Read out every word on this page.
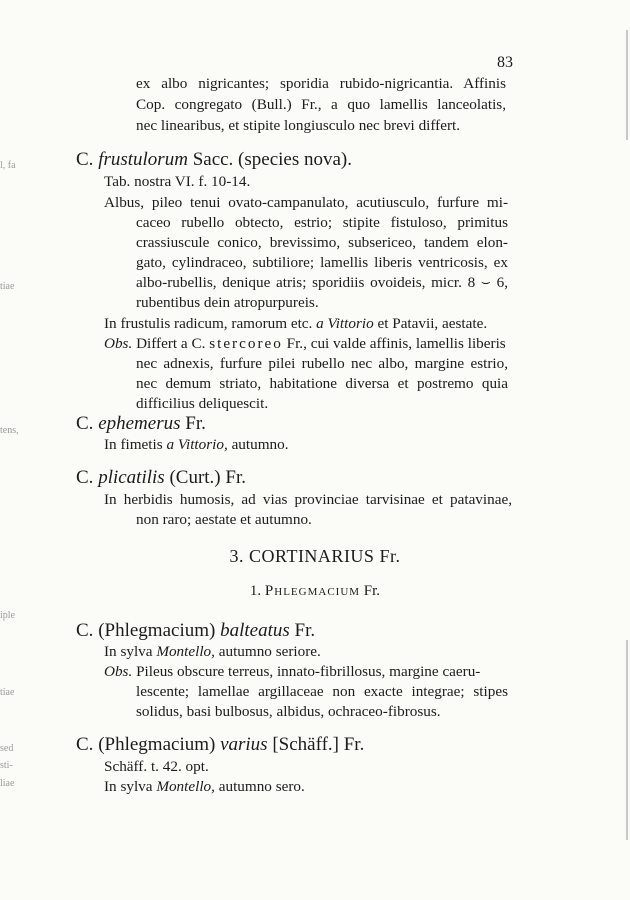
83
l, fa
tiae
tens,
iple
tiae
sed
sti-
liae
ex albo nigricantes; sporidia rubido-nigricantia. Affinis
Cop. congregato (Bull.) Fr., a quo lamellis lanceolatis,
nec linearibus, et stipite longiusculo nec brevi differt.
C. frustulorum Sacc. (species nova).
Tab. nostra VI. f. 10-14.
Albus, pileo tenui ovato-campanulato, acutiusculo, furfure mi-
caceo rubello obtecto, estrio; stipite fistuloso, primitus
crassiuscule conico, brevissimo, subsericeo, tandem elon-
gato, cylindraceo, subtiliore; lamellis liberis ventricosis, ex
albo-rubellis, denique atris; sporidiis ovoideis, micr. 8 ⌣ 6,
rubentibus dein atropurpureis.
In frustulis radicum, ramorum etc. a Vittorio et Patavii, aestate.
Obs. Differt a C. stercoreo Fr., cui valde affinis, lamellis liberis
nec adnexis, furfure pilei rubello nec albo, margine estrio,
nec demum striato, habitatione diversa et postremo quia
difficilius deliquescit.
C. ephemerus Fr.
In fimetis a Vittorio, autumno.
C. plicatilis (Curt.) Fr.
In herbidis humosis, ad vias provinciae tarvisinae et patavinae,
non raro; aestate et autumno.
3. CORTINARIUS Fr.
1. Phlegmacium Fr.
C. (Phlegmacium) balteatus Fr.
In sylva Montello, autumno seriore.
Obs. Pileus obscure terreus, innato-fibrillosus, margine caeru-
lescente; lamellae argillaceae non exacte integrae; stipes
solidus, basi bulbosus, albidus, ochraceo-fibrosus.
C. (Phlegmacium) varius [Schäff.] Fr.
Schäff. t. 42. opt.
In sylva Montello, autumno sero.
